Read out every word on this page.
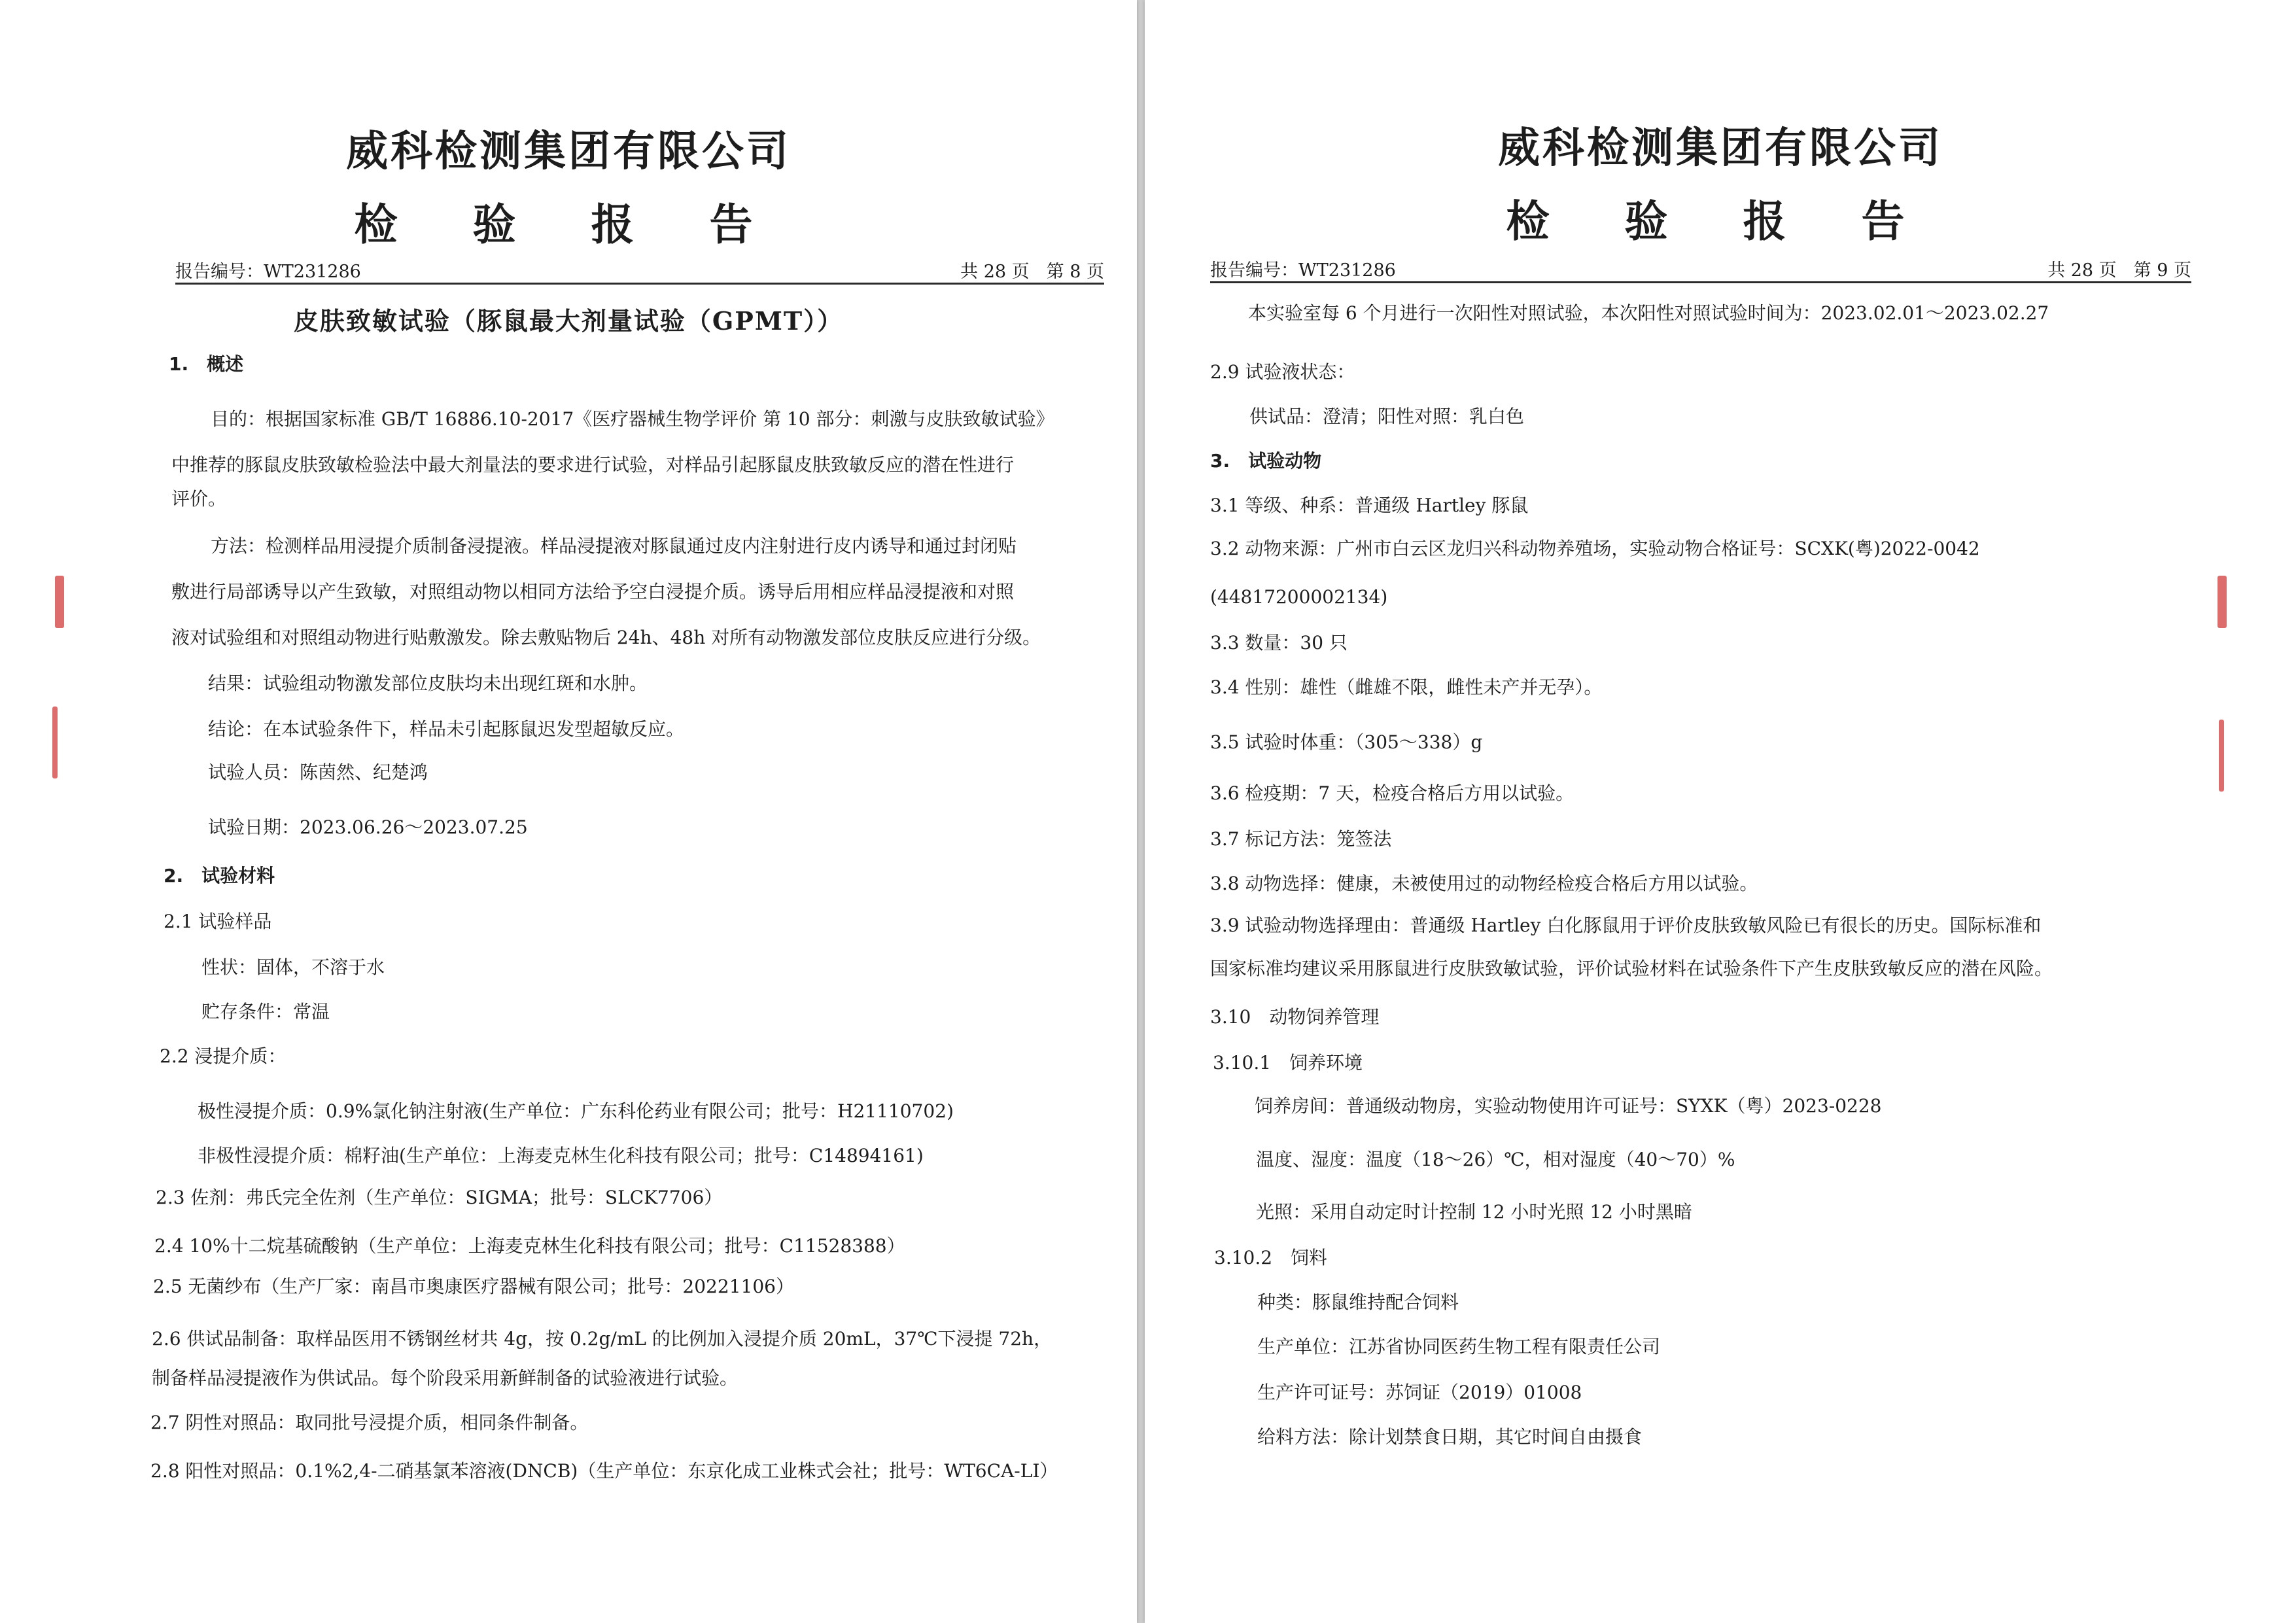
威科检测集团有限公司
检 验 报 告
报告编号：WT231286	共 28 页 第 8 页
皮肤致敏试验（豚鼠最大剂量试验（GPMT））
1.　概述
目的：根据国家标准 GB/T 16886.10-2017《医疗器械生物学评价 第 10 部分：刺激与皮肤致敏试验》
中推荐的豚鼠皮肤致敏检验法中最大剂量法的要求进行试验，对样品引起豚鼠皮肤致敏反应的潜在性进行
评价。
方法：检测样品用浸提介质制备浸提液。样品浸提液对豚鼠通过皮内注射进行皮内诱导和通过封闭贴
敷进行局部诱导以产生致敏，对照组动物以相同方法给予空白浸提介质。诱导后用相应样品浸提液和对照
液对试验组和对照组动物进行贴敷激发。除去敷贴物后 24h、48h 对所有动物激发部位皮肤反应进行分级。
结果：试验组动物激发部位皮肤均未出现红斑和水肿。
结论：在本试验条件下，样品未引起豚鼠迟发型超敏反应。
试验人员：陈茵然、纪楚鸿
试验日期：2023.06.26～2023.07.25
2.　试验材料
2.1 试验样品
性状：固体，不溶于水
贮存条件：常温
2.2 浸提介质：
极性浸提介质：0.9%氯化钠注射液(生产单位：广东科伦药业有限公司；批号：H21110702)
非极性浸提介质：棉籽油(生产单位：上海麦克林生化科技有限公司；批号：C14894161)
2.3 佐剂：弗氏完全佐剂（生产单位：SIGMA；批号：SLCK7706）
2.4 10%十二烷基硫酸钠（生产单位：上海麦克林生化科技有限公司；批号：C11528388）
2.5 无菌纱布（生产厂家：南昌市奥康医疗器械有限公司；批号：20221106）
2.6 供试品制备：取样品医用不锈钢丝材共 4g，按 0.2g/mL 的比例加入浸提介质 20mL，37℃下浸提 72h，
制备样品浸提液作为供试品。每个阶段采用新鲜制备的试验液进行试验。
2.7 阴性对照品：取同批号浸提介质，相同条件制备。
2.8 阳性对照品：0.1%2,4-二硝基氯苯溶液(DNCB)（生产单位：东京化成工业株式会社；批号：WT6CA-LI）
威科检测集团有限公司
检 验 报 告
报告编号：WT231286	共 28 页 第 9 页
本实验室每 6 个月进行一次阳性对照试验，本次阳性对照试验时间为：2023.02.01～2023.02.27
2.9 试验液状态：
供试品：澄清；阳性对照：乳白色
3.　试验动物
3.1 等级、种系：普通级 Hartley 豚鼠
3.2 动物来源：广州市白云区龙归兴科动物养殖场，实验动物合格证号：SCXK(粤)2022-0042
(44817200002134)
3.3 数量：30 只
3.4 性别：雄性（雌雄不限，雌性未产并无孕）。
3.5 试验时体重：（305～338）g
3.6 检疫期：7 天，检疫合格后方用以试验。
3.7 标记方法：笼签法
3.8 动物选择：健康，未被使用过的动物经检疫合格后方用以试验。
3.9 试验动物选择理由：普通级 Hartley 白化豚鼠用于评价皮肤致敏风险已有很长的历史。国际标准和
国家标准均建议采用豚鼠进行皮肤致敏试验，评价试验材料在试验条件下产生皮肤致敏反应的潜在风险。
3.10　动物饲养管理
3.10.1　饲养环境
饲养房间：普通级动物房，实验动物使用许可证号：SYXK（粤）2023-0228
温度、湿度：温度（18～26）℃，相对湿度（40～70）%
光照：采用自动定时计控制 12 小时光照 12 小时黑暗
3.10.2　饲料
种类：豚鼠维持配合饲料
生产单位：江苏省协同医药生物工程有限责任公司
生产许可证号：苏饲证（2019）01008
给料方法：除计划禁食日期，其它时间自由摄食
